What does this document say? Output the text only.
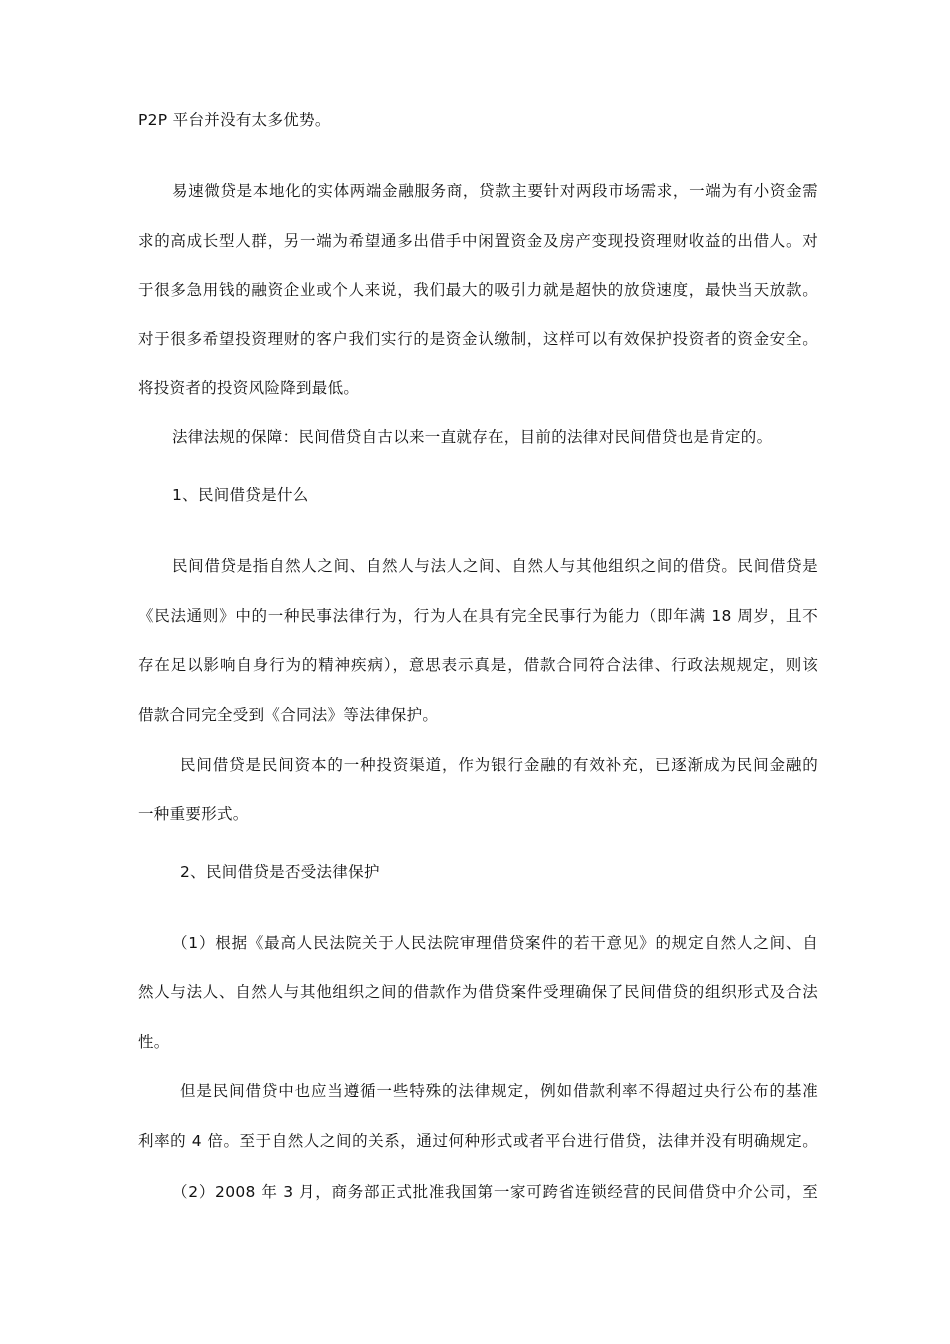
P2P 平台并没有太多优势。
易速微贷是本地化的实体两端金融服务商，贷款主要针对两段市场需求，一端为有小资金需
求的高成长型人群，另一端为希望通多出借手中闲置资金及房产变现投资理财收益的出借人。对
于很多急用钱的融资企业或个人来说，我们最大的吸引力就是超快的放贷速度，最快当天放款。
对于很多希望投资理财的客户我们实行的是资金认缴制，这样可以有效保护投资者的资金安全。
将投资者的投资风险降到最低。
法律法规的保障：民间借贷自古以来一直就存在，目前的法律对民间借贷也是肯定的。
1、民间借贷是什么
民间借贷是指自然人之间、自然人与法人之间、自然人与其他组织之间的借贷。民间借贷是
《民法通则》中的一种民事法律行为，行为人在具有完全民事行为能力（即年满 18 周岁，且不
存在足以影响自身行为的精神疾病），意思表示真是，借款合同符合法律、行政法规规定，则该
借款合同完全受到《合同法》等法律保护。
民间借贷是民间资本的一种投资渠道，作为银行金融的有效补充，已逐渐成为民间金融的
一种重要形式。
2、民间借贷是否受法律保护
（1）根据《最高人民法院关于人民法院审理借贷案件的若干意见》的规定自然人之间、自
然人与法人、自然人与其他组织之间的借款作为借贷案件受理确保了民间借贷的组织形式及合法
性。
但是民间借贷中也应当遵循一些特殊的法律规定，例如借款利率不得超过央行公布的基准
利率的 4 倍。至于自然人之间的关系，通过何种形式或者平台进行借贷，法律并没有明确规定。
（2）2008 年 3 月，商务部正式批准我国第一家可跨省连锁经营的民间借贷中介公司，至
